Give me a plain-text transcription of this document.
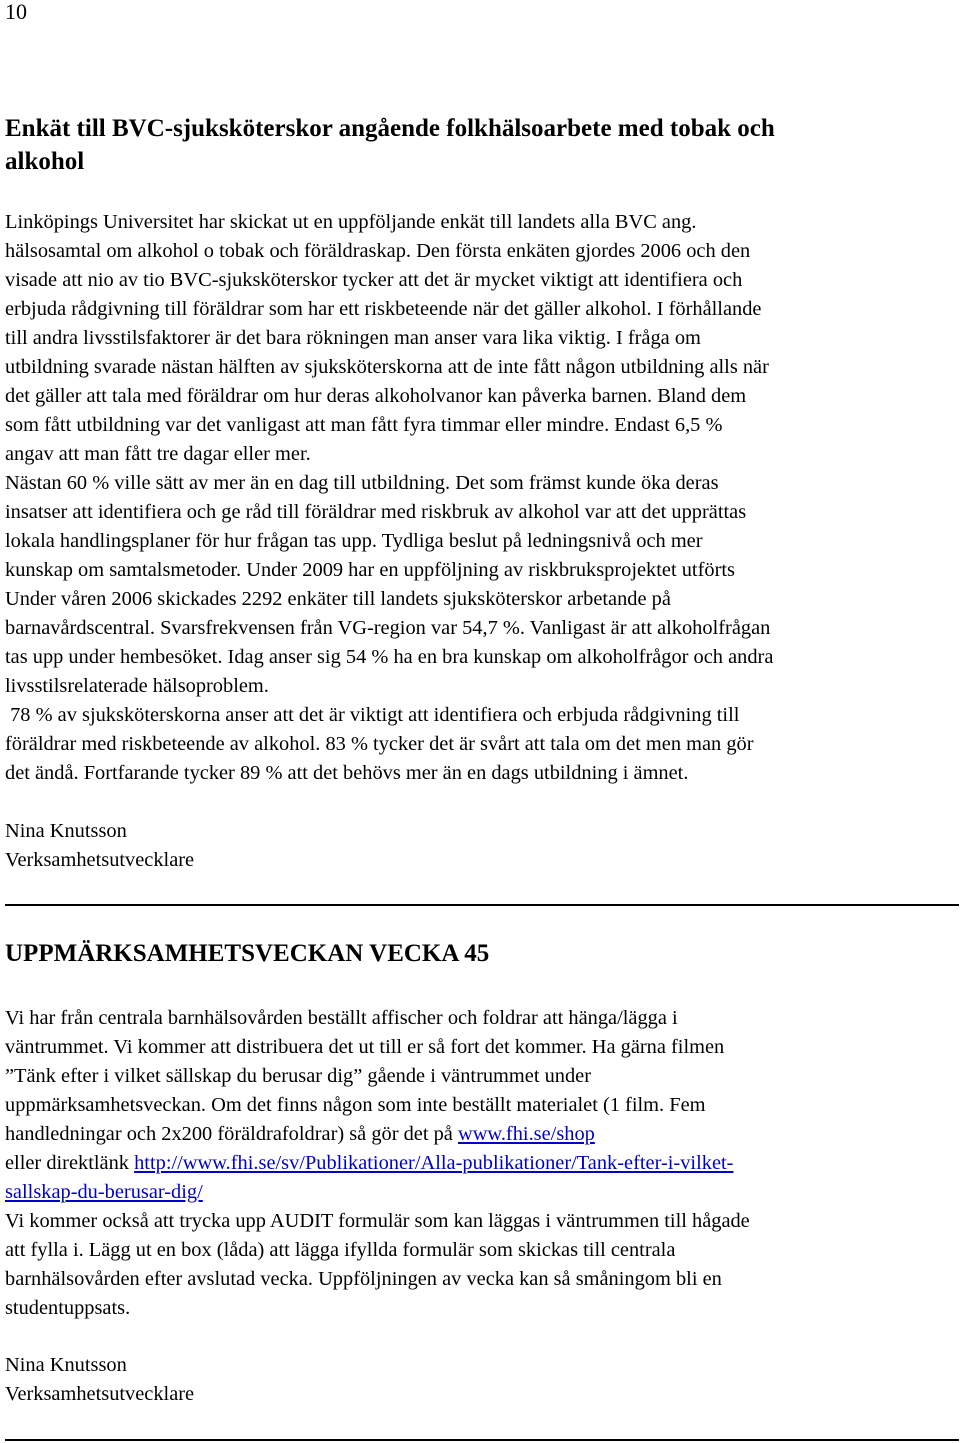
10
Enkät till BVC-sjuksköterskor angående folkhälsoarbete med tobak och
alkohol
Linköpings Universitet har skickat ut en uppföljande enkät till landets alla BVC ang.
hälsosamtal om alkohol o tobak och föräldraskap. Den första enkäten gjordes 2006 och den
visade att nio av tio BVC-sjuksköterskor tycker att det är mycket viktigt att identifiera och
erbjuda rådgivning till föräldrar som har ett riskbeteende när det gäller alkohol. I förhållande
till andra livsstilsfaktorer är det bara rökningen man anser vara lika viktig. I fråga om
utbildning svarade nästan hälften av sjuksköterskorna att de inte fått någon utbildning alls när
det gäller att tala med föräldrar om hur deras alkoholvanor kan påverka barnen. Bland dem
som fått utbildning var det vanligast att man fått fyra timmar eller mindre. Endast 6,5 %
angav att man fått tre dagar eller mer.
Nästan 60 % ville sätt av mer än en dag till utbildning. Det som främst kunde öka deras
insatser att identifiera och ge råd till föräldrar med riskbruk av alkohol var att det upprättas
lokala handlingsplaner för hur frågan tas upp. Tydliga beslut på ledningsnivå och mer
kunskap om samtalsmetoder. Under 2009 har en uppföljning av riskbruksprojektet utförts
Under våren 2006 skickades 2292 enkäter till landets sjuksköterskor arbetande på
barnavårdscentral. Svarsfrekvensen från VG-region var 54,7 %. Vanligast är att alkoholfrågan
tas upp under hembesöket. Idag anser sig 54 % ha en bra kunskap om alkoholfrågor och andra
livsstilsrelaterade hälsoproblem.
78 % av sjuksköterskorna anser att det är viktigt att identifiera och erbjuda rådgivning till
föräldrar med riskbeteende av alkohol. 83 % tycker det är svårt att tala om det men man gör
det ändå. Fortfarande tycker 89 % att det behövs mer än en dags utbildning i ämnet.
Nina Knutsson
Verksamhetsutvecklare
UPPMÄRKSAMHETSVECKAN VECKA 45
Vi har från centrala barnhälsovården beställt affischer och foldrar att hänga/lägga i
väntrummet. Vi kommer att distribuera det ut till er så fort det kommer. Ha gärna filmen
”Tänk efter i vilket sällskap du berusar dig” gående i väntrummet under
uppmärksamhetsveckan. Om det finns någon som inte beställt materialet (1 film. Fem
handledningar och 2x200 föräldrafoldrar) så gör det på www.fhi.se/shop
eller direktlänk http://www.fhi.se/sv/Publikationer/Alla-publikationer/Tank-efter-i-vilket-
sallskap-du-berusar-dig/
Vi kommer också att trycka upp AUDIT formulär som kan läggas i väntrummen till hågade
att fylla i. Lägg ut en box (låda) att lägga ifyllda formulär som skickas till centrala
barnhälsovården efter avslutad vecka. Uppföljningen av vecka kan så småningom bli en
studentuppsats.
Nina Knutsson
Verksamhetsutvecklare
